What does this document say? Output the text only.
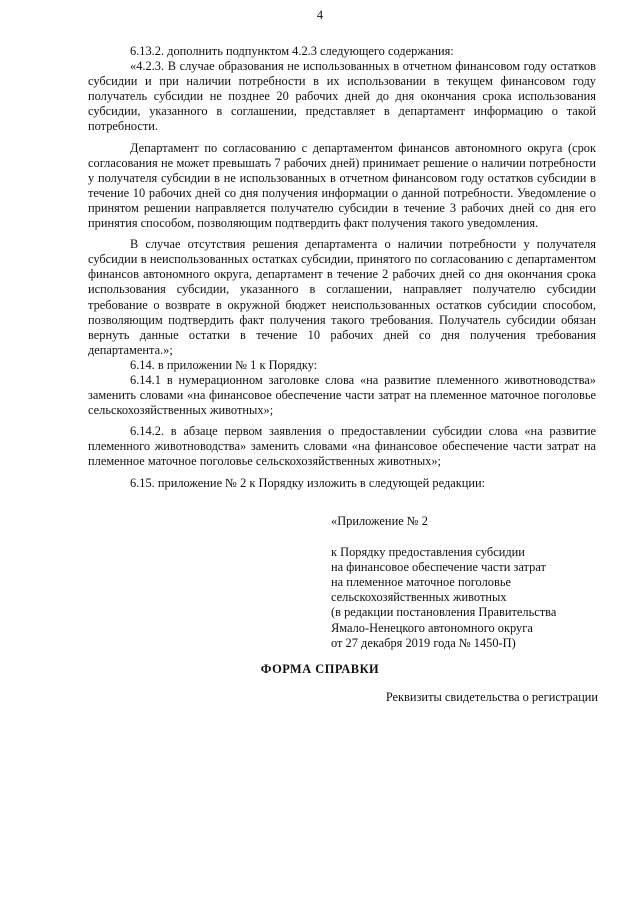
4

6.13.2. дополнить подпунктом 4.2.3 следующего содержания:

«4.2.3. В случае образования не использованных в отчетном финансовом году остатков субсидии и при наличии потребности в их использовании в текущем финансовом году получатель субсидии не позднее 20 рабочих дней до дня окончания срока использования субсидии, указанного в соглашении, представляет в департамент информацию о такой потребности.

Департамент по согласованию с департаментом финансов автономного округа (срок согласования не может превышать 7 рабочих дней) принимает решение о наличии потребности у получателя субсидии в не использованных в отчетном финансовом году остатков субсидии в течение 10 рабочих дней со дня получения информации о данной потребности. Уведомление о принятом решении направляется получателю субсидии в течение 3 рабочих дней со дня его принятия способом, позволяющим подтвердить факт получения такого уведомления.

В случае отсутствия решения департамента о наличии потребности у получателя субсидии в неиспользованных остатках субсидии, принятого по согласованию с департаментом финансов автономного округа, департамент в течение 2 рабочих дней со дня окончания срока использования субсидии, указанного в соглашении, направляет получателю субсидии требование о возврате в окружной бюджет неиспользованных остатков субсидии способом, позволяющим подтвердить факт получения такого требования. Получатель субсидии обязан вернуть данные остатки в течение 10 рабочих дней со дня получения требования департамента.»;

6.14. в приложении № 1 к Порядку:

6.14.1 в нумерационном заголовке слова «на развитие племенного животноводства» заменить словами «на финансовое обеспечение части затрат на племенное маточное поголовье сельскохозяйственных животных»;

6.14.2. в абзаце первом заявления о предоставлении субсидии слова «на развитие племенного животноводства» заменить словами «на финансовое обеспечение части затрат на племенное маточное поголовье сельскохозяйственных животных»;

6.15. приложение № 2 к Порядку изложить в следующей редакции:

«Приложение № 2
к Порядку предоставления субсидии
на финансовое обеспечение части затрат
на племенное маточное поголовье
сельскохозяйственных животных
(в редакции постановления Правительства
Ямало-Ненецкого автономного округа
от 27 декабря 2019 года № 1450-П)
ФОРМА СПРАВКИ
Реквизиты свидетельства о регистрации
